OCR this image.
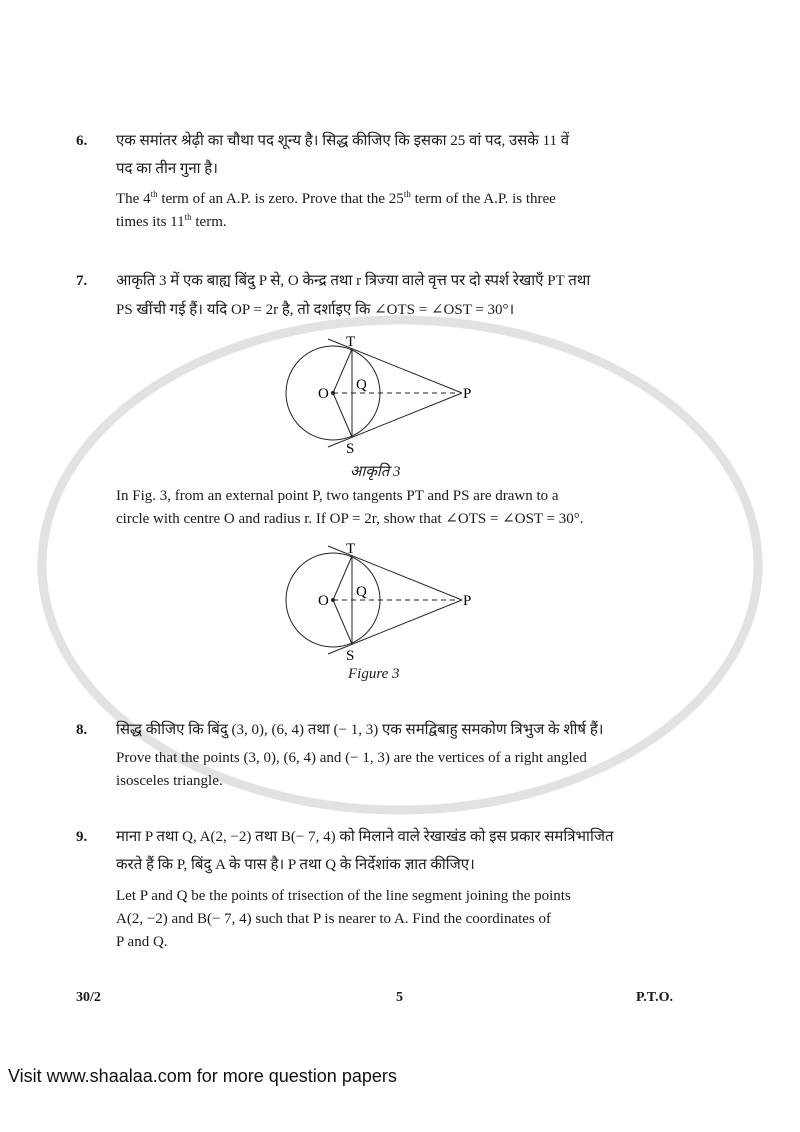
6. एक समांतर श्रेढ़ी का चौथा पद शून्य है। सिद्ध कीजिए कि इसका 25 वां पद, उसके 11 वें
पद का तीन गुना है।
The 4th term of an A.P. is zero. Prove that the 25th term of the A.P. is three
times its 11th term.
7. आकृति 3 में एक बाह्य बिंदु P से, O केन्द्र तथा r त्रिज्या वाले वृत्त पर दो स्पर्श रेखाएँ PT तथा
PS खींची गई हैं। यदि OP = 2r है, तो दर्शाइए कि ∠OTS = ∠OST = 30°।
T
S
O
Q
P
आकृति 3
In Fig. 3, from an external point P, two tangents PT and PS are drawn to a
circle with centre O and radius r. If OP = 2r, show that ∠OTS = ∠OST = 30°.
T
S
O
Q
P
Figure 3
8. सिद्ध कीजिए कि बिंदु (3, 0), (6, 4) तथा (− 1, 3) एक समद्विबाहु समकोण त्रिभुज के शीर्ष हैं।
Prove that the points (3, 0), (6, 4) and (− 1, 3) are the vertices of a right angled
isosceles triangle.
9. माना P तथा Q, A(2, −2) तथा B(− 7, 4) को मिलाने वाले रेखाखंड को इस प्रकार समत्रिभाजित
करते हैं कि P, बिंदु A के पास है। P तथा Q के निर्देशांक ज्ञात कीजिए।
Let P and Q be the points of trisection of the line segment joining the points
A(2, −2) and B(− 7, 4) such that P is nearer to A. Find the coordinates of
P and Q.
30/2	5	P.T.O.
Visit www.shaalaa.com for more question papers
